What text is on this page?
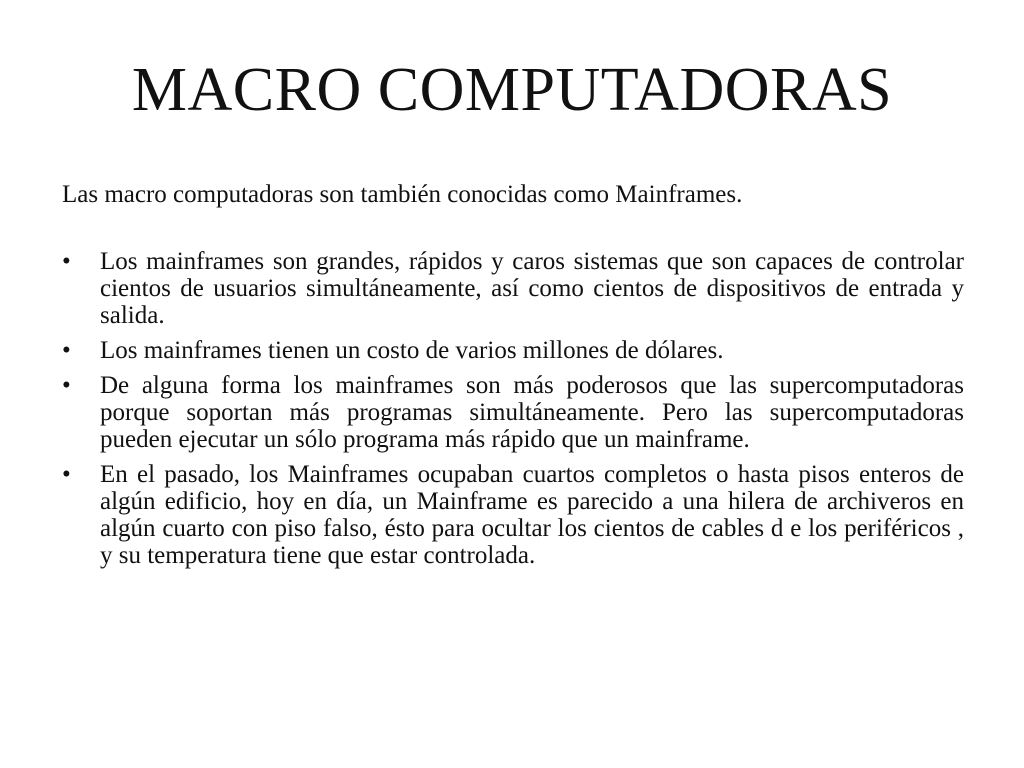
MACRO COMPUTADORAS

Las macro computadoras son también conocidas como Mainframes.

•	Los mainframes son grandes, rápidos y caros sistemas que son capaces de controlar cientos de usuarios simultáneamente, así como cientos de dispositivos de entrada y salida.
•	Los mainframes tienen un costo de varios millones de dólares.
•	De alguna forma los mainframes son más poderosos que las supercomputadoras porque soportan más programas simultáneamente. Pero las supercomputadoras pueden ejecutar un sólo programa más rápido que un mainframe.
•	En el pasado, los Mainframes ocupaban cuartos completos o hasta pisos enteros de algún edificio, hoy en día, un Mainframe es parecido a una hilera de archiveros en algún cuarto con piso falso, ésto para ocultar los cientos de cables d e los periféricos , y su temperatura tiene que estar controlada.
